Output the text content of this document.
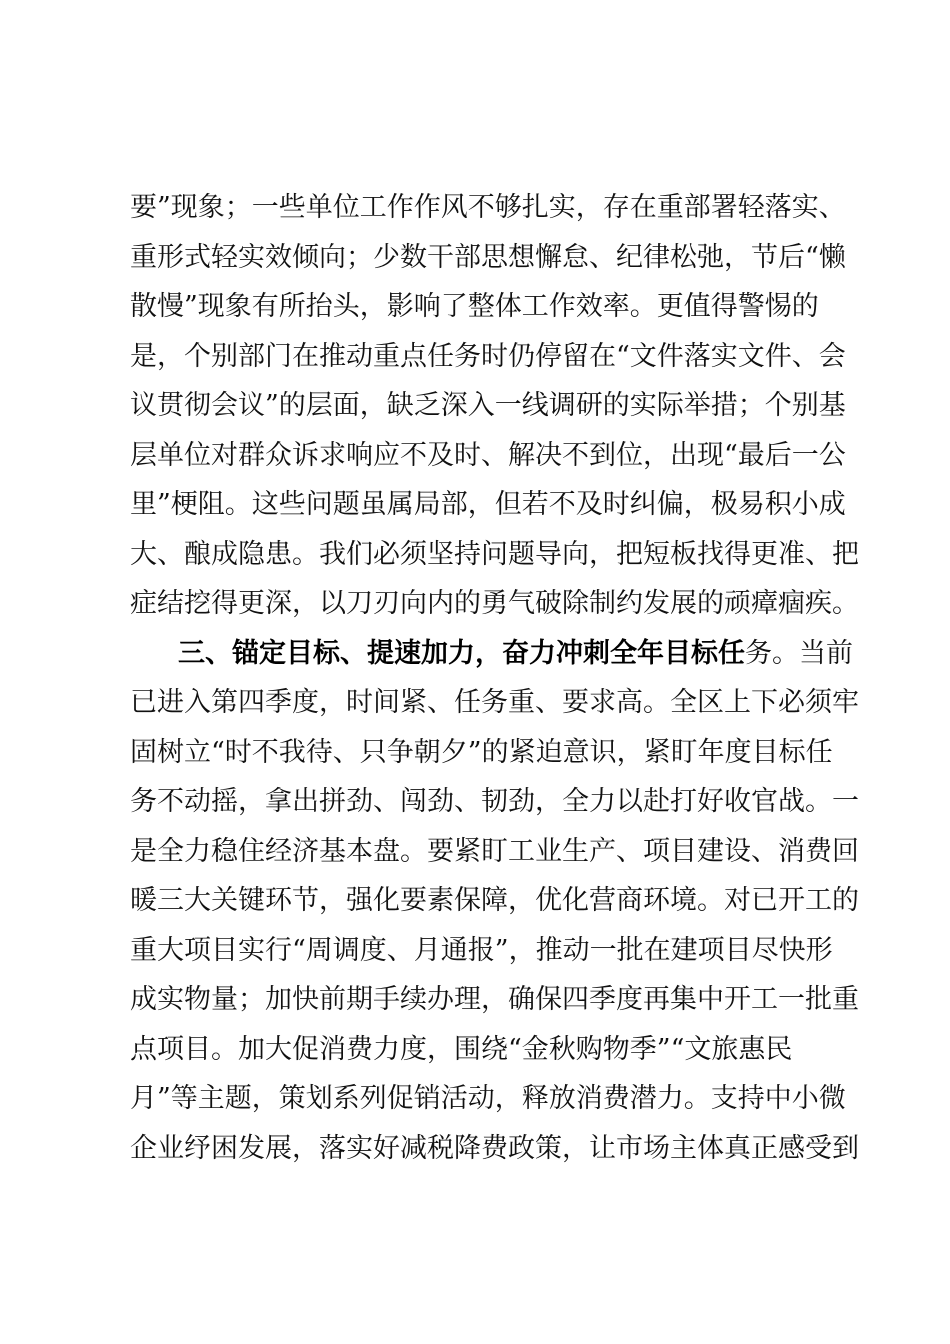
要”现象；一些单位工作作风不够扎实，存在重部署轻落实、
重形式轻实效倾向；少数干部思想懈怠、纪律松弛，节后“懒
散慢”现象有所抬头，影响了整体工作效率。更值得警惕的
是，个别部门在推动重点任务时仍停留在“文件落实文件、会
议贯彻会议”的层面，缺乏深入一线调研的实际举措；个别基
层单位对群众诉求响应不及时、解决不到位，出现“最后一公
里”梗阻。这些问题虽属局部，但若不及时纠偏，极易积小成
大、酿成隐患。我们必须坚持问题导向，把短板找得更准、把
症结挖得更深，以刀刃向内的勇气破除制约发展的顽瘴痼疾。
三、锚定目标、提速加力，奋力冲刺全年目标任务。当前
已进入第四季度，时间紧、任务重、要求高。全区上下必须牢
固树立“时不我待、只争朝夕”的紧迫意识，紧盯年度目标任
务不动摇，拿出拼劲、闯劲、韧劲，全力以赴打好收官战。一
是全力稳住经济基本盘。要紧盯工业生产、项目建设、消费回
暖三大关键环节，强化要素保障，优化营商环境。对已开工的
重大项目实行“周调度、月通报”，推动一批在建项目尽快形
成实物量；加快前期手续办理，确保四季度再集中开工一批重
点项目。加大促消费力度，围绕“金秋购物季”“文旅惠民
月”等主题，策划系列促销活动，释放消费潜力。支持中小微
企业纾困发展，落实好减税降费政策，让市场主体真正感受到
